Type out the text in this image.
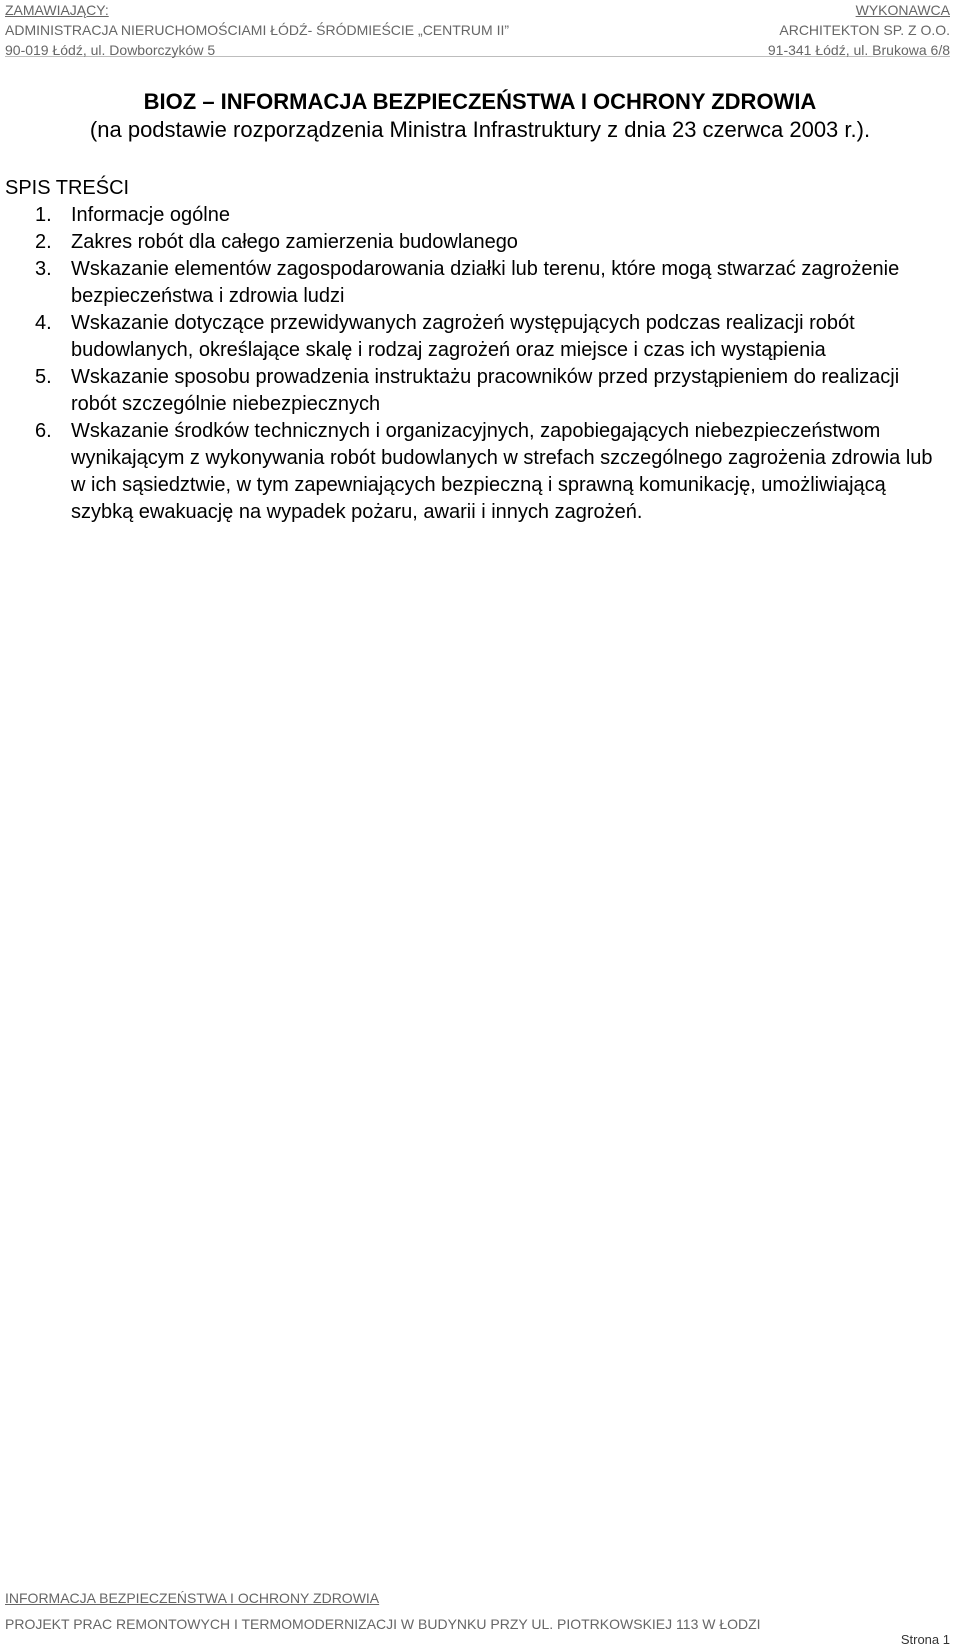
ZAMAWIAJĄCY:
ADMINISTRACJA NIERUCHOMOŚCIAMI ŁÓDŹ- ŚRÓDMIEŚCIE „CENTRUM II”
90-019 Łódź, ul. Dowborczyków 5
WYKONAWCA
ARCHITEKTON SP. Z O.O.
91-341 Łódź, ul. Brukowa 6/8
BIOZ – INFORMACJA BEZPIECZEŃSTWA I OCHRONY ZDROWIA
(na podstawie rozporządzenia Ministra Infrastruktury z dnia 23 czerwca 2003 r.).
SPIS TREŚCI
1. Informacje ogólne
2. Zakres robót dla całego zamierzenia budowlanego
3. Wskazanie elementów zagospodarowania działki lub terenu, które mogą stwarzać zagrożenie bezpieczeństwa i zdrowia ludzi
4. Wskazanie dotyczące przewidywanych zagrożeń występujących podczas realizacji robót budowlanych, określające skalę i rodzaj zagrożeń oraz miejsce i czas ich wystąpienia
5. Wskazanie sposobu prowadzenia instruktażu pracowników przed przystąpieniem do realizacji robót szczególnie niebezpiecznych
6. Wskazanie środków technicznych i organizacyjnych, zapobiegających niebezpieczeństwom wynikającym z wykonywania robót budowlanych w strefach szczególnego zagrożenia zdrowia lub w ich sąsiedztwie, w tym zapewniających bezpieczną i sprawną komunikację, umożliwiającą szybką ewakuację na wypadek pożaru, awarii i innych zagrożeń.
INFORMACJA BEZPIECZEŃSTWA I OCHRONY ZDROWIA
PROJEKT PRAC REMONTOWYCH I TERMOMODERNIZACJI W BUDYNKU PRZY UL. PIOTRKOWSKIEJ 113 W ŁODZI
Strona 1
